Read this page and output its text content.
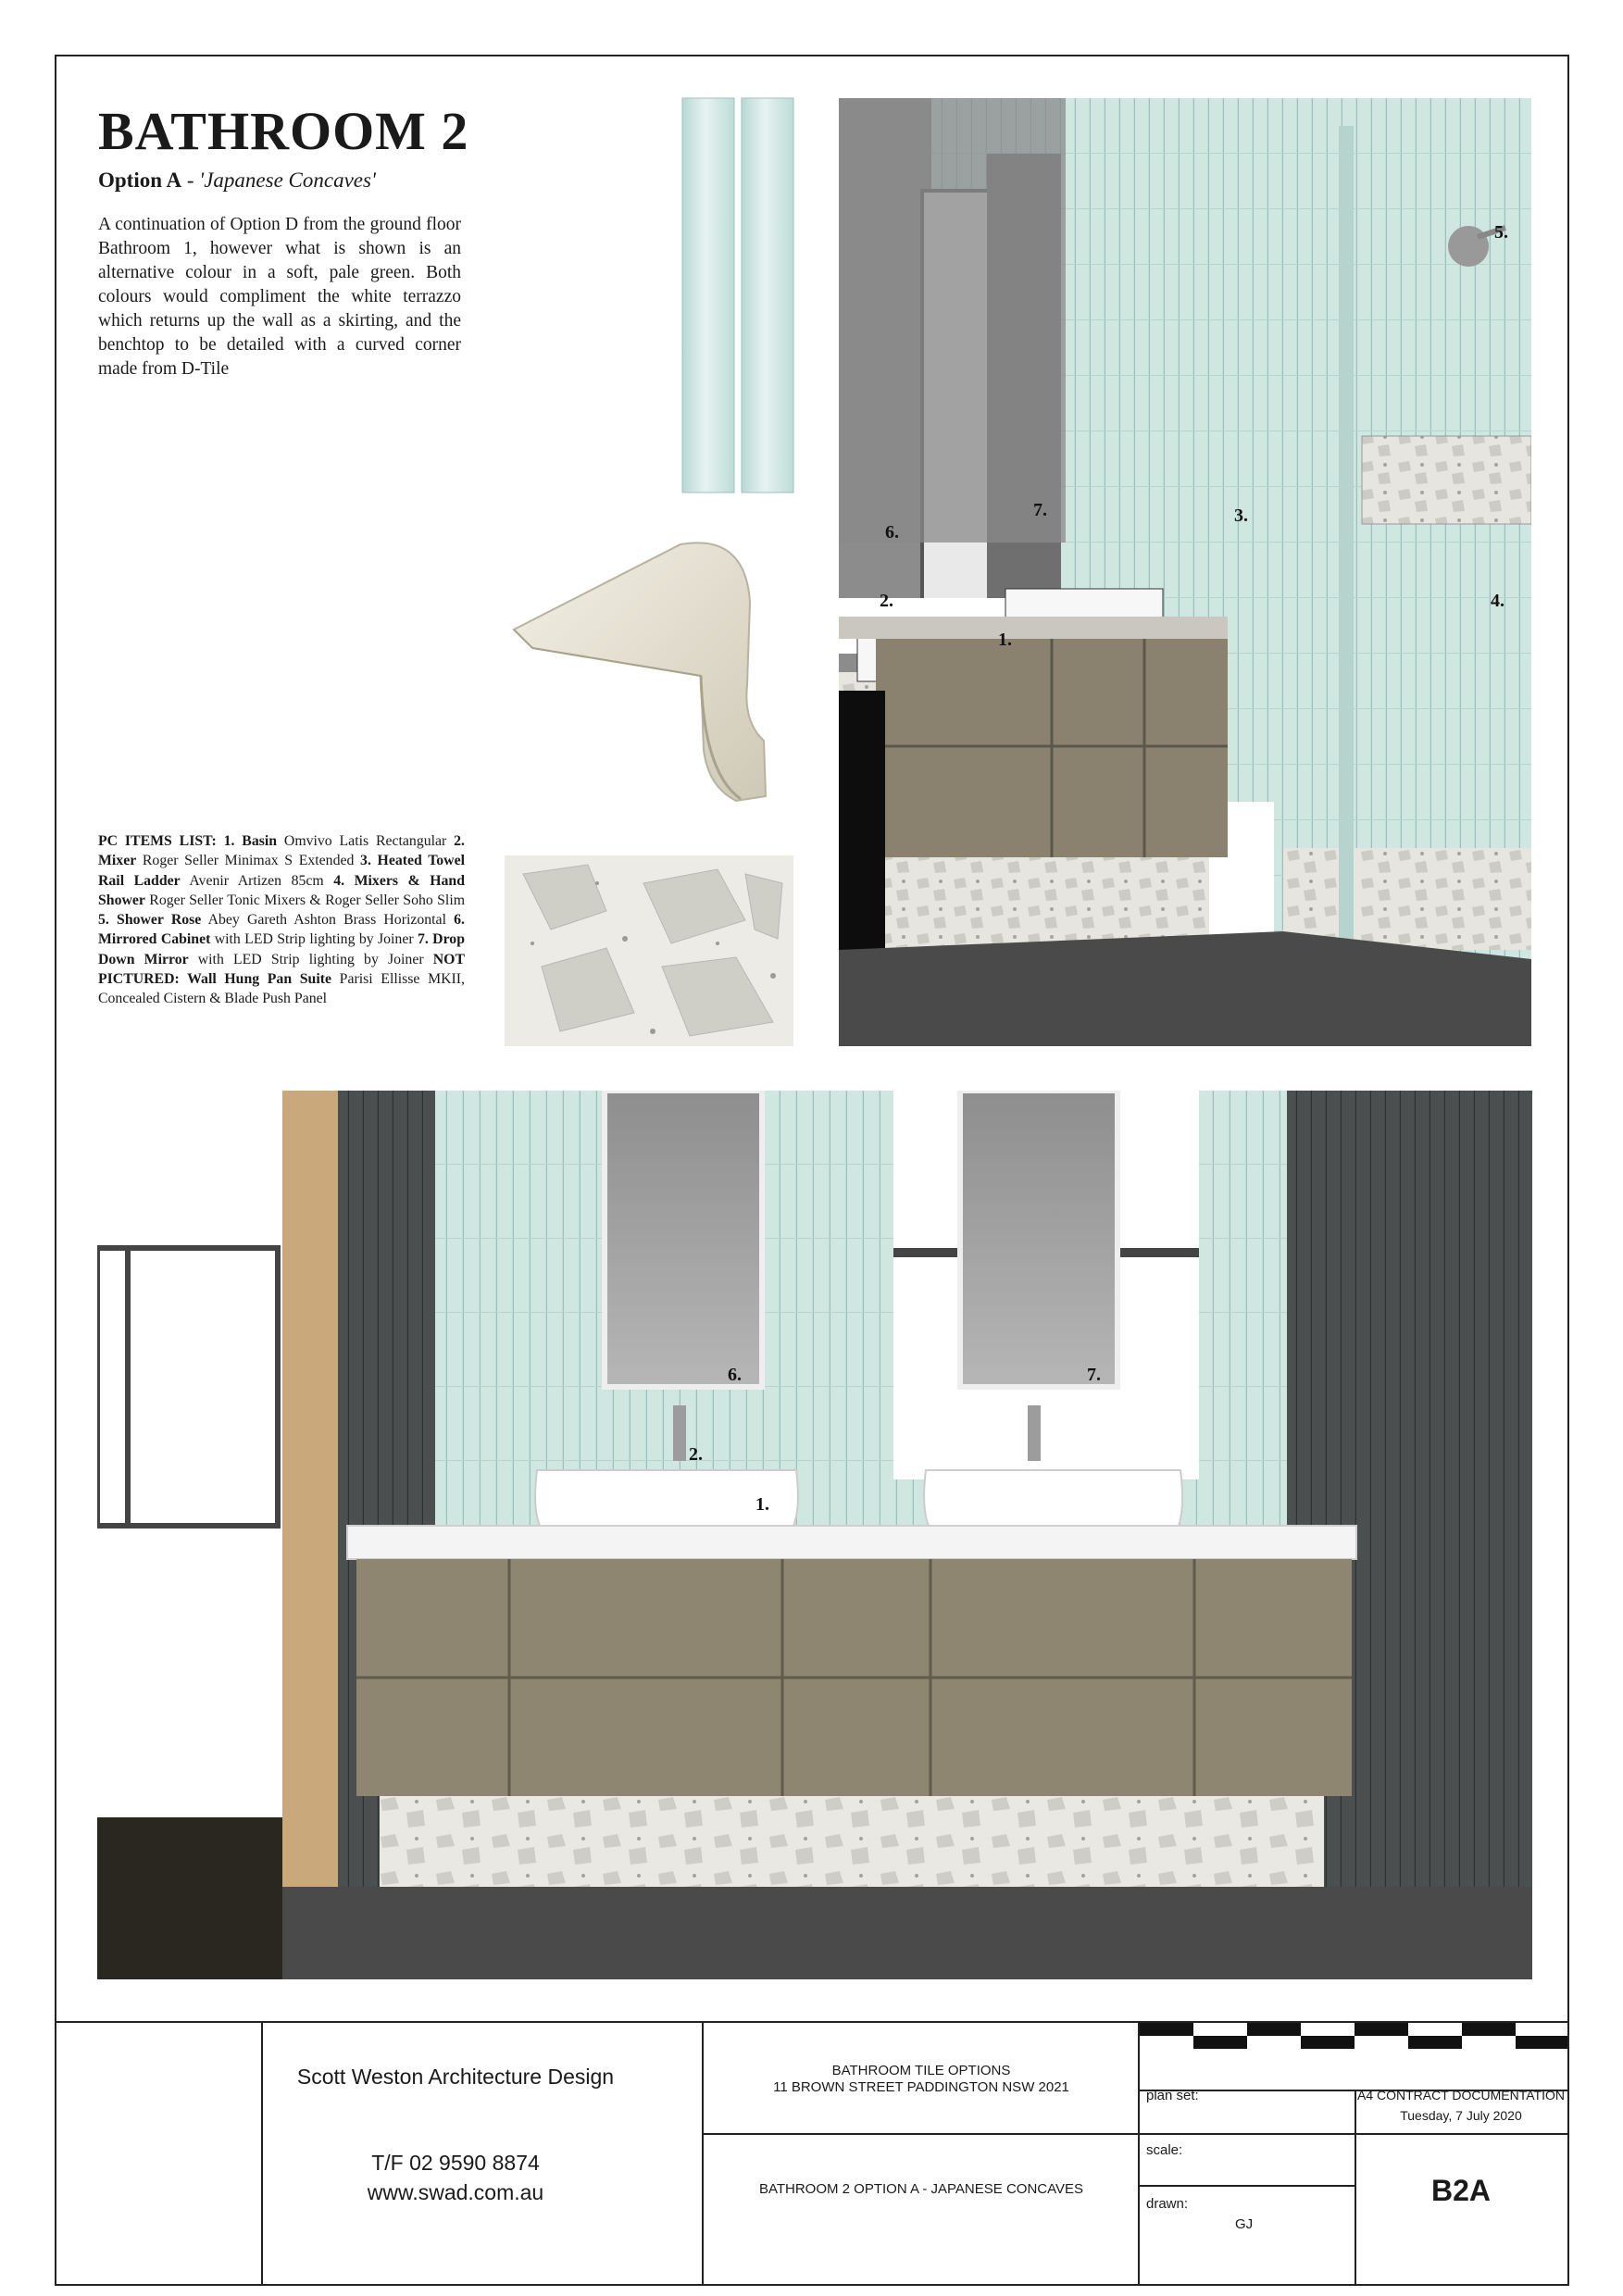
BATHROOM 2
Option A - 'Japanese Concaves'
A continuation of Option D from the ground floor Bathroom 1, however what is shown is an alternative colour in a soft, pale green. Both colours would compliment the white terrazzo which returns up the wall as a skirting, and the benchtop to be detailed with a curved corner made from D-Tile
PC ITEMS LIST: 1. Basin Omvivo Latis Rectangular 2. Mixer Roger Seller Minimax S Extended 3. Heated Towel Rail Ladder Avenir Artizen 85cm 4. Mixers & Hand Shower Roger Seller Tonic Mixers & Roger Seller Soho Slim 5. Shower Rose Abey Gareth Ashton Brass Horizontal 6. Mirrored Cabinet with LED Strip lighting by Joiner 7. Drop Down Mirror with LED Strip lighting by Joiner NOT PICTURED: Wall Hung Pan Suite Parisi Ellisse MKII, Concealed Cistern & Blade Push Panel
5.
3.
6.
7.
2.
1.
4.
6.	7.
2.
1.
Scott Weston Architecture Design
T/F 02 9590 8874
www.swad.com.au
BATHROOM TILE OPTIONS
11 BROWN STREET PADDINGTON NSW 2021
BATHROOM 2 OPTION A - JAPANESE CONCAVES
plan set:
scale:
drawn:
GJ
A4 CONTRACT DOCUMENTATION
Tuesday, 7 July 2020
B2A
